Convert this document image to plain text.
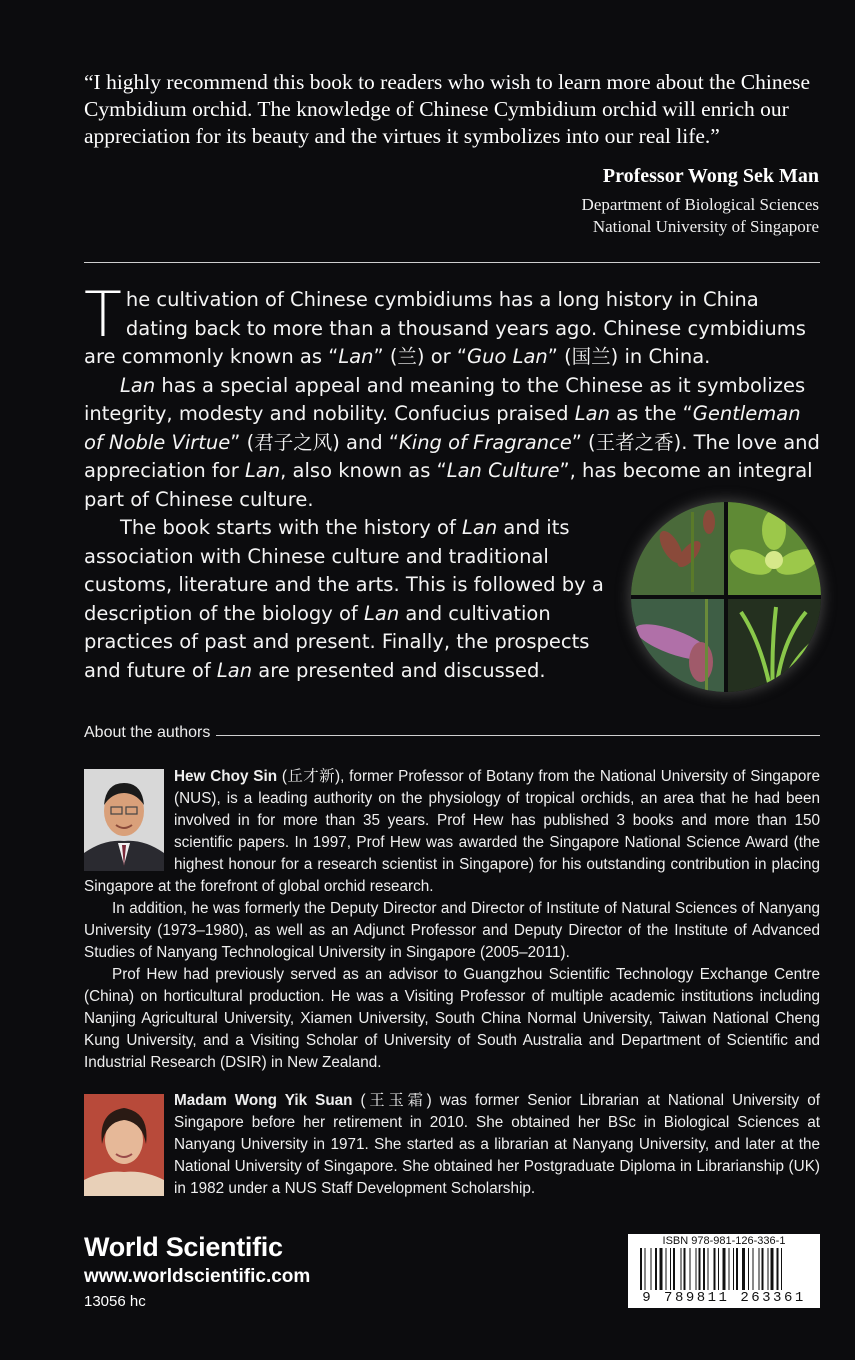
“I highly recommend this book to readers who wish to learn more about the Chinese Cymbidium orchid. The knowledge of Chinese Cymbidium orchid will enrich our appreciation for its beauty and the virtues it symbolizes into our real life.”
Professor Wong Sek Man
Department of Biological Sciences
National University of Singapore

The cultivation of Chinese cymbidiums has a long history in China dating back to more than a thousand years ago. Chinese cymbidiums are commonly known as “Lan” (兰) or “Guo Lan” (国兰) in China.

Lan has a special appeal and meaning to the Chinese as it symbolizes integrity, modesty and nobility. Confucius praised Lan as the “Gentleman of Noble Virtue” (君子之风) and “King of Fragrance” (王者之香). The love and appreciation for Lan, also known as “Lan Culture”, has become an integral part of Chinese culture.

The book starts with the history of Lan and its association with Chinese culture and traditional customs, literature and the arts. This is followed by a description of the biology of Lan and cultivation practices of past and present. Finally, the prospects and future of Lan are presented and discussed.

About the authors

Hew Choy Sin (丘才新), former Professor of Botany from the National University of Singapore (NUS), is a leading authority on the physiology of tropical orchids, an area that he had been involved in for more than 35 years. Prof Hew has published 3 books and more than 150 scientific papers. In 1997, Prof Hew was awarded the Singapore National Science Award (the highest honour for a research scientist in Singapore) for his outstanding contribution in placing Singapore at the forefront of global orchid research.

In addition, he was formerly the Deputy Director and Director of Institute of Natural Sciences of Nanyang University (1973–1980), as well as an Adjunct Professor and Deputy Director of the Institute of Advanced Studies of Nanyang Technological University in Singapore (2005–2011).

Prof Hew had previously served as an advisor to Guangzhou Scientific Technology Exchange Centre (China) on horticultural production. He was a Visiting Professor of multiple academic institutions including Nanjing Agricultural University, Xiamen University, South China Normal University, Taiwan National Cheng Kung University, and a Visiting Scholar of University of South Australia and Department of Scientific and Industrial Research (DSIR) in New Zealand.

Madam Wong Yik Suan (王玉霜) was former Senior Librarian at National University of Singapore before her retirement in 2010. She obtained her BSc in Biological Sciences at Nanyang University in 1971. She started as a librarian at Nanyang University, and later at the National University of Singapore. She obtained her Postgraduate Diploma in Librarianship (UK) in 1982 under a NUS Staff Development Scholarship.

World Scientific
www.worldscientific.com
13056 hc
ISBN 978-981-126-336-1
9 789811 263361
